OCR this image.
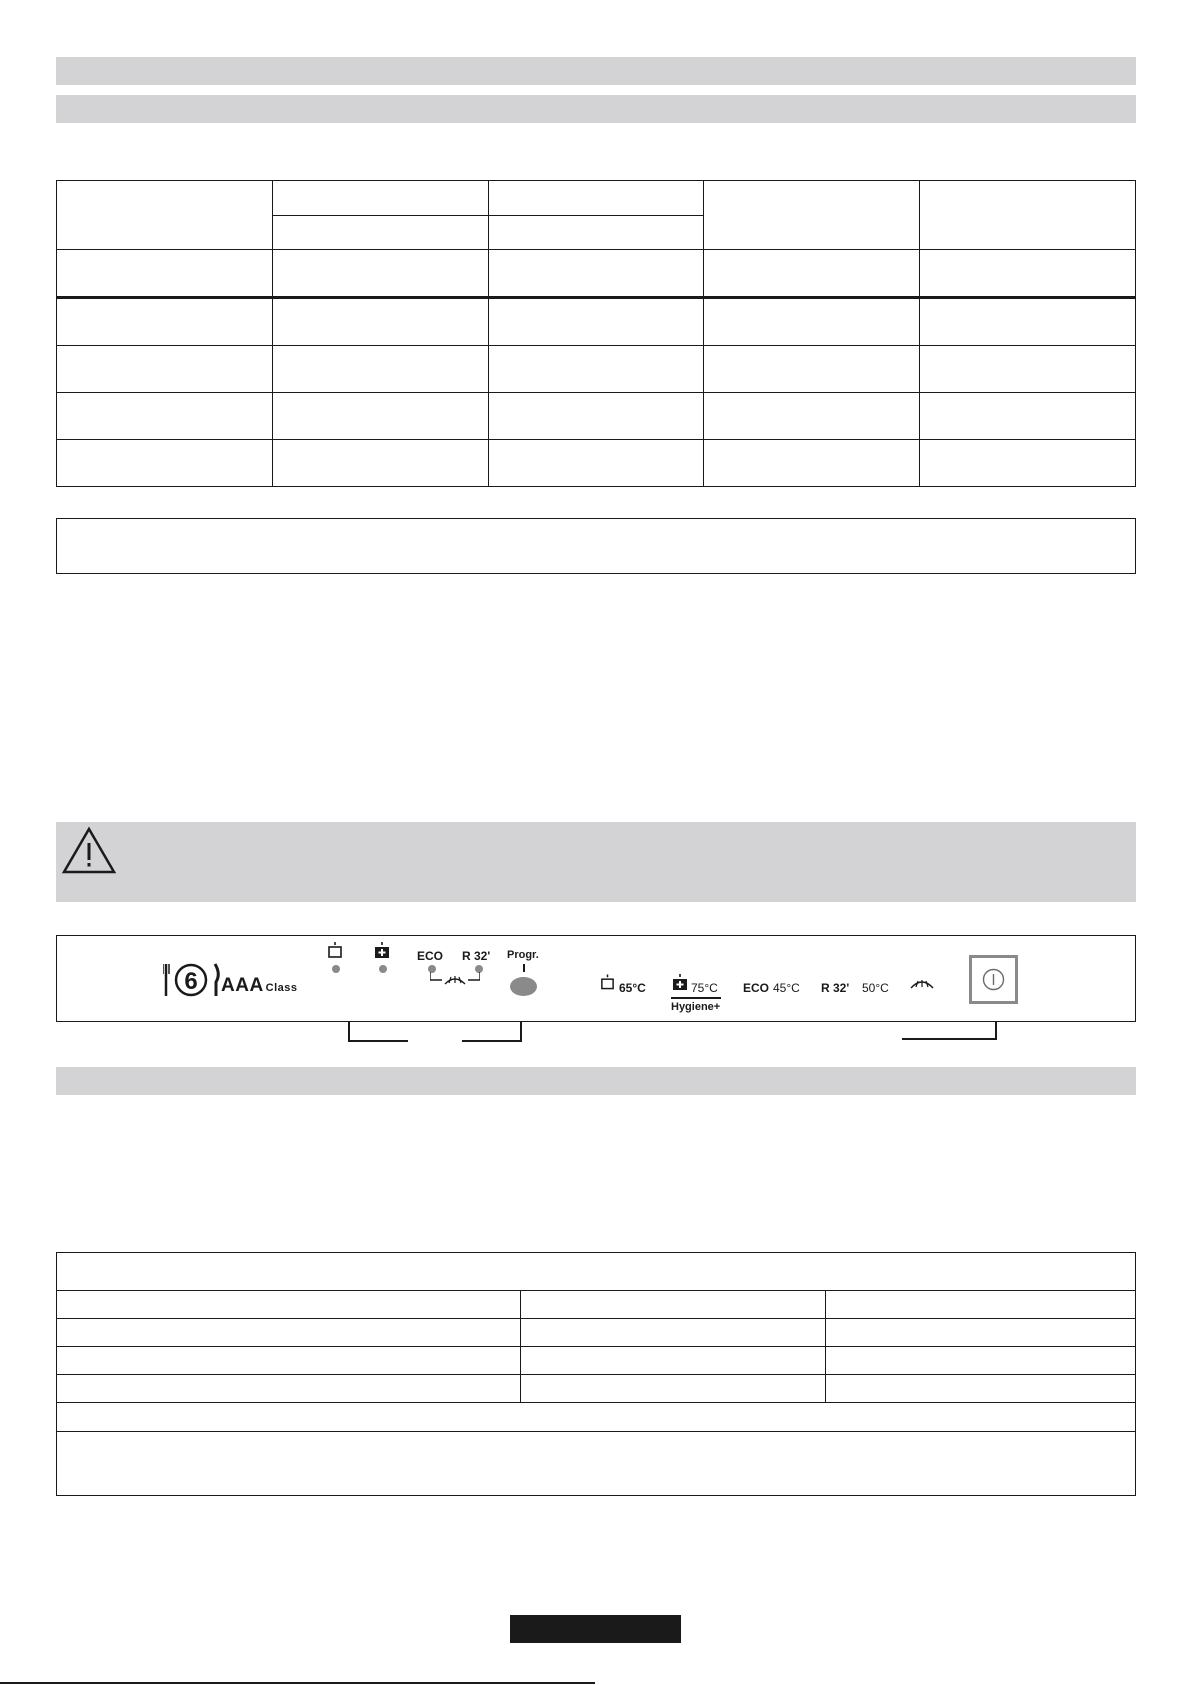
6 AAA Class
ECO R 32' Progr.
65°C	75°C
Hygiene+
ECO 45°C R 32' 50°C
